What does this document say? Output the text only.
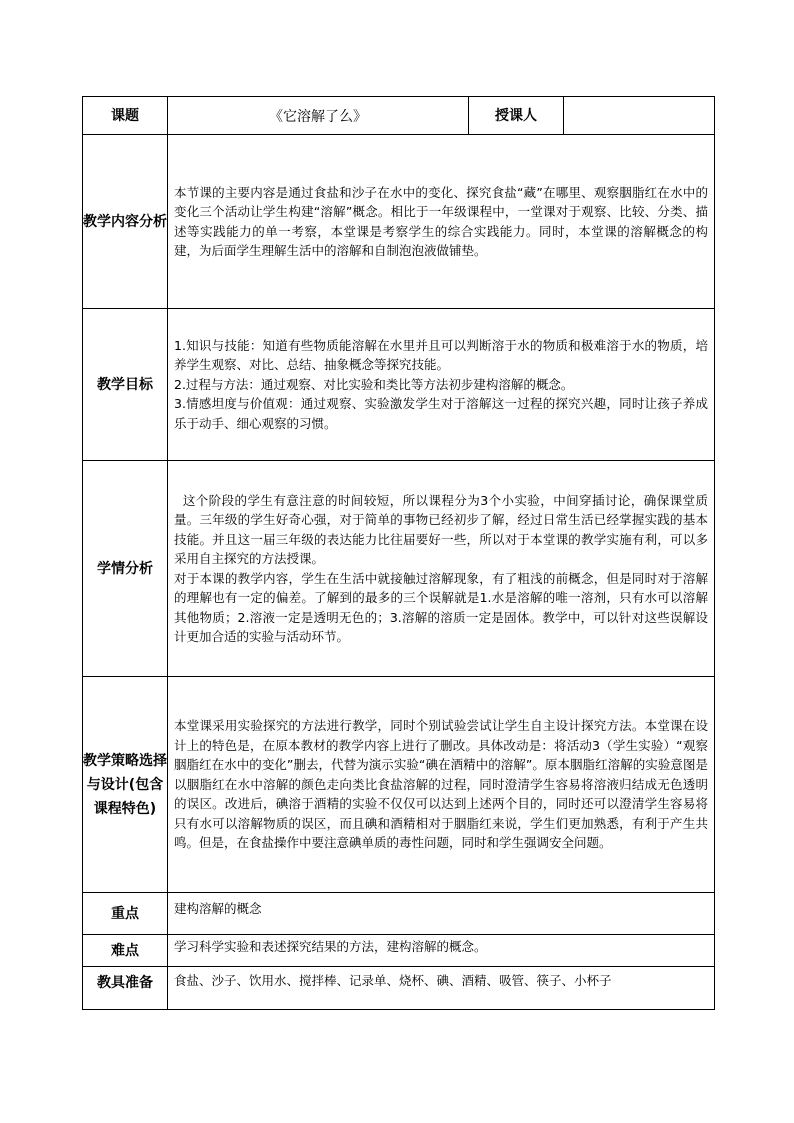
课题	《它溶解了么》	授课人	
教学内容分析	本节课的主要内容是通过食盐和沙子在水中的变化、探究食盐“藏”在哪里、观察胭脂红在水中的变化三个活动让学生构建“溶解”概念。相比于一年级课程中，一堂课对于观察、比较、分类、描述等实践能力的单一考察，本堂课是考察学生的综合实践能力。同时，本堂课的溶解概念的构建，为后面学生理解生活中的溶解和自制泡泡液做铺垫。		
教学目标	1.知识与技能：知道有些物质能溶解在水里并且可以判断溶于水的物质和极难溶于水的物质，培养学生观察、对比、总结、抽象概念等探究技能。

2.过程与方法：通过观察、对比实验和类比等方法初步建构溶解的概念。

3.情感坦度与价值观：通过观察、实验激发学生对于溶解这一过程的探究兴趣，同时让孩子养成乐于动手、细心观察的习惯。		

学情分析	这个阶段的学生有意注意的时间较短，所以课程分为3个小实验，中间穿插讨论，确保课堂质量。三年级的学生好奇心强，对于简单的事物已经初步了解，经过日常生活已经掌握实践的基本技能。并且这一届三年级的表达能力比往届要好一些，所以对于本堂课的教学实施有利，可以多采用自主探究的方法授课。

对于本课的教学内容，学生在生活中就接触过溶解现象，有了粗浅的前概念，但是同时对于溶解的理解也有一定的偏差。了解到的最多的三个误解就是1.水是溶解的唯一溶剂，只有水可以溶解其他物质；2.溶液一定是透明无色的；3.溶解的溶质一定是固体。教学中，可以针对这些误解设计更加合适的实验与活动环节。		

教学策略选择与设计(包含课程特色)	本堂课采用实验探究的方法进行教学，同时个别试验尝试让学生自主设计探究方法。本堂课在设计上的特色是，在原本教材的教学内容上进行了删改。具体改动是：将活动3（学生实验）“观察胭脂红在水中的变化”删去，代替为演示实验“碘在酒精中的溶解”。原本胭脂红溶解的实验意图是以胭脂红在水中溶解的颜色走向类比食盐溶解的过程，同时澄清学生容易将溶液归结成无色透明的误区。改进后，碘溶于酒精的实验不仅仅可以达到上述两个目的，同时还可以澄清学生容易将只有水可以溶解物质的误区，而且碘和酒精相对于胭脂红来说，学生们更加熟悉，有利于产生共鸣。但是，在食盐操作中要注意碘单质的毒性问题，同时和学生强调安全问题。		
重点	建构溶解的概念		
难点	学习科学实验和表述探究结果的方法，建构溶解的概念。		
教具准备	食盐、沙子、饮用水、搅拌棒、记录单、烧杯、碘、酒精、吸管、筷子、小杯子		
